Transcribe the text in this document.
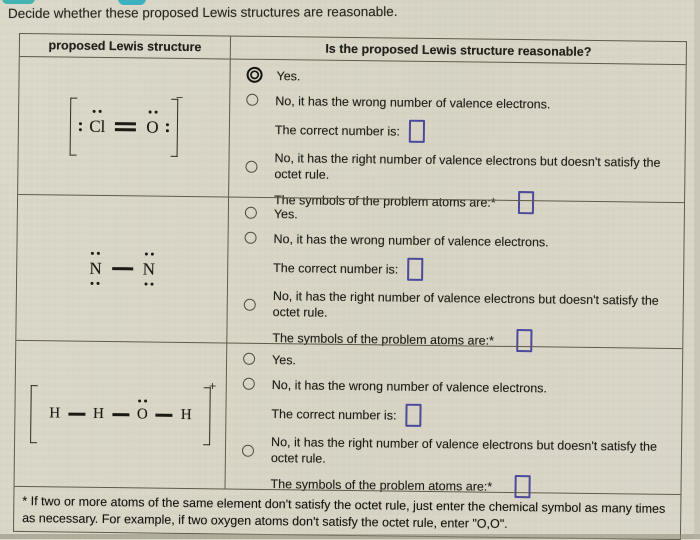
Decide whether these proposed Lewis structures are reasonable.
proposed Lewis structure	Is the proposed Lewis structure reasonable?
Cl O
−
Yes.
No, it has the wrong number of valence electrons.
The correct number is:
No, it has the right number of valence electrons but doesn't satisfy the octet rule.
The symbols of the problem atoms are:*
N N
Yes.
No, it has the wrong number of valence electrons.
The correct number is:
No, it has the right number of valence electrons but doesn't satisfy the octet rule.
The symbols of the problem atoms are:*
H H O H
+
Yes.
No, it has the wrong number of valence electrons.
The correct number is:
No, it has the right number of valence electrons but doesn't satisfy the octet rule.
The symbols of the problem atoms are:*
* If two or more atoms of the same element don't satisfy the octet rule, just enter the chemical symbol as many times as necessary. For example, if two oxygen atoms don't satisfy the octet rule, enter "O,O".
